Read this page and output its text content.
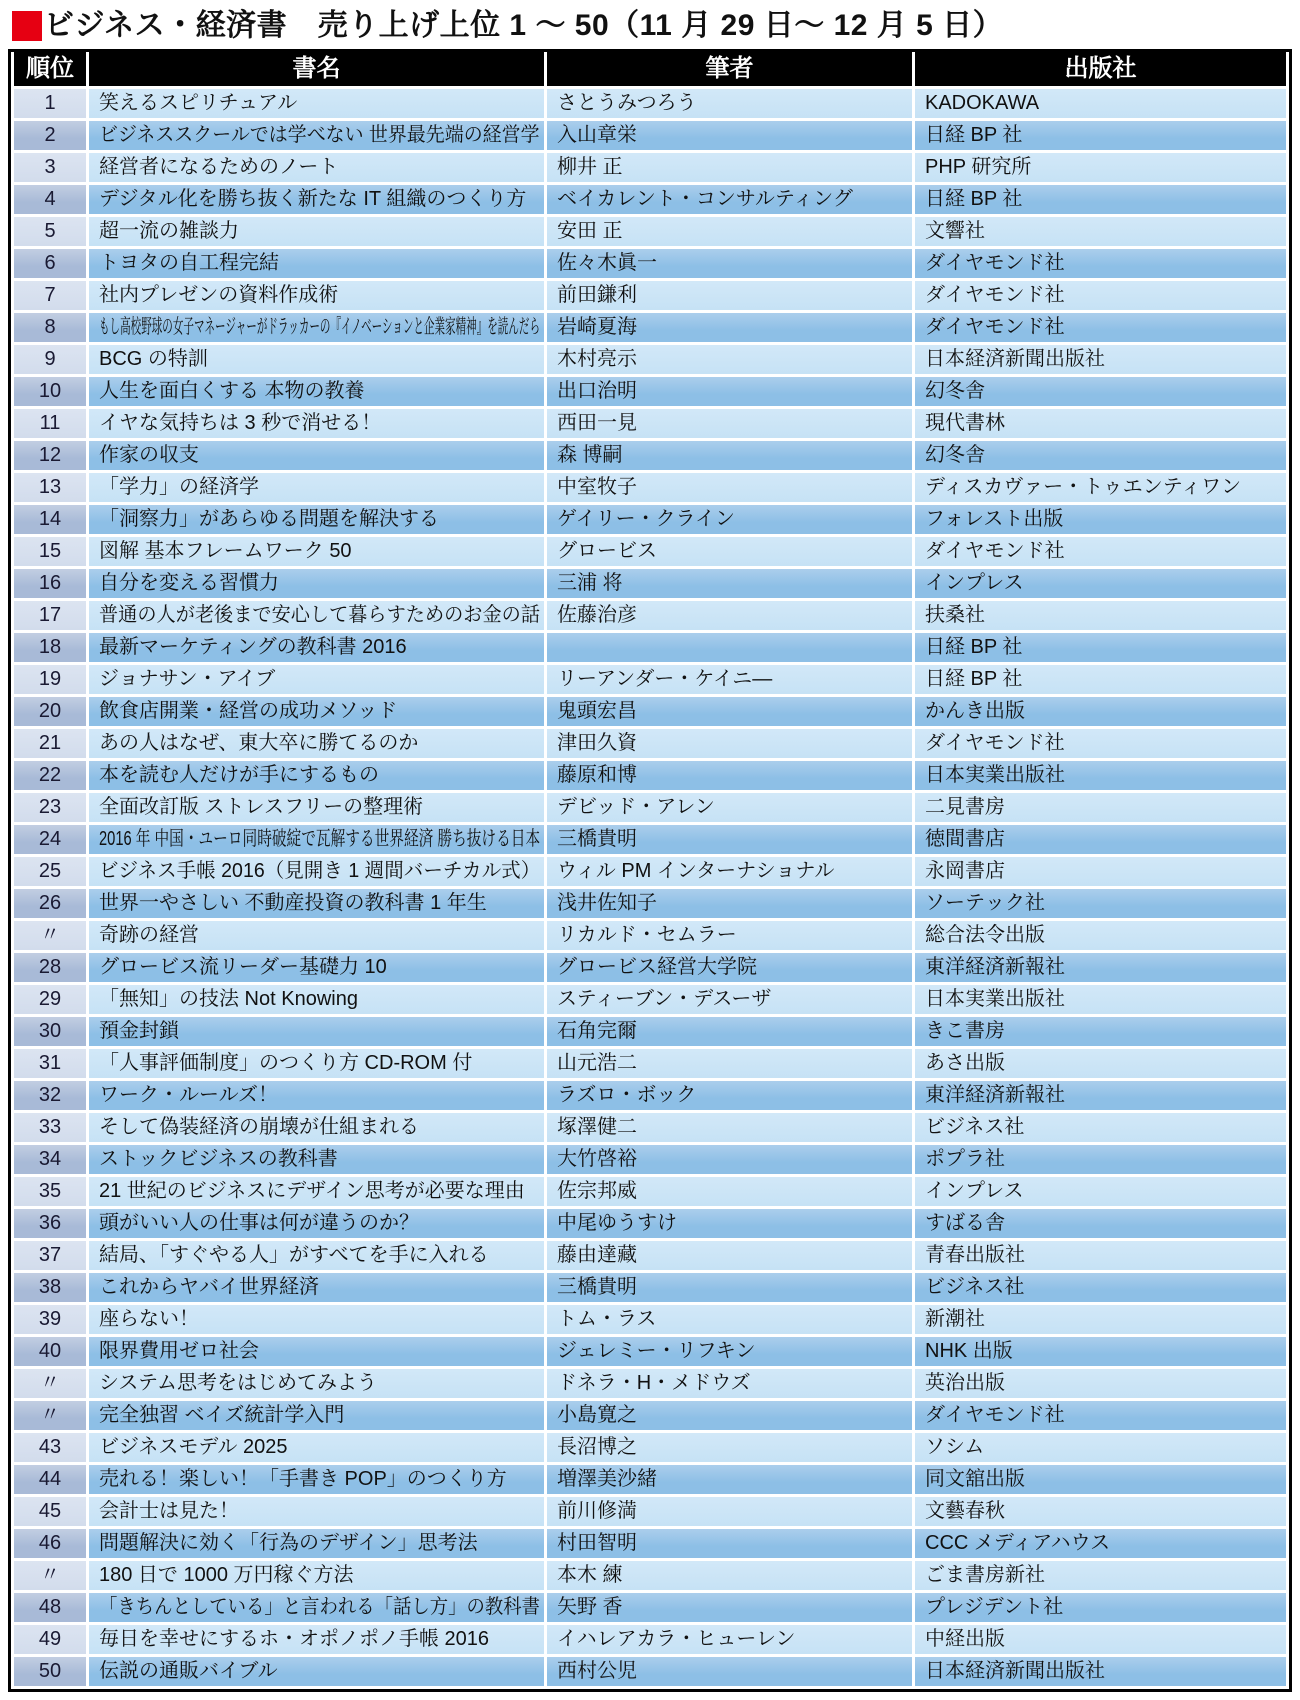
ビジネス・経済書　売り上げ上位 1 ～ 50（11 月 29 日～ 12 月 5 日）
順位	書名	筆者	出版社
1	笑えるスピリチュアル	さとうみつろう	KADOKAWA
2	ビジネススクールでは学べない 世界最先端の経営学	入山章栄	日経 BP 社
3	経営者になるためのノート	柳井 正	PHP 研究所
4	デジタル化を勝ち抜く新たな IT 組織のつくり方	ベイカレント・コンサルティング	日経 BP 社
5	超一流の雑談力	安田 正	文響社
6	トヨタの自工程完結	佐々木眞一	ダイヤモンド社
7	社内プレゼンの資料作成術	前田鎌利	ダイヤモンド社
8	もし高校野球の女子マネージャーがドラッカーの『イノベーションと企業家精神』を読んだら	岩崎夏海	ダイヤモンド社
9	BCG の特訓	木村亮示	日本経済新聞出版社
10	人生を面白くする 本物の教養	出口治明	幻冬舎
11	イヤな気持ちは 3 秒で消せる！	西田一見	現代書林
12	作家の収支	森 博嗣	幻冬舎
13	「学力」の経済学	中室牧子	ディスカヴァー・トゥエンティワン
14	「洞察力」があらゆる問題を解決する	ゲイリー・クライン	フォレスト出版
15	図解 基本フレームワーク 50	グロービス	ダイヤモンド社
16	自分を変える習慣力	三浦 将	インプレス
17	普通の人が老後まで安心して暮らすためのお金の話	佐藤治彦	扶桑社
18	最新マーケティングの教科書 2016		日経 BP 社
19	ジョナサン・アイブ	リーアンダー・ケイニ―	日経 BP 社
20	飲食店開業・経営の成功メソッド	鬼頭宏昌	かんき出版
21	あの人はなぜ、東大卒に勝てるのか	津田久資	ダイヤモンド社
22	本を読む人だけが手にするもの	藤原和博	日本実業出版社
23	全面改訂版 ストレスフリーの整理術	デビッド・アレン	二見書房
24	2016 年 中国・ユーロ同時破綻で瓦解する世界経済 勝ち抜ける日本	三橋貴明	徳間書店
25	ビジネス手帳 2016（見開き 1 週間バーチカル式）	ウィル PM インターナショナル	永岡書店
26	世界一やさしい 不動産投資の教科書 1 年生	浅井佐知子	ソーテック社
〃	奇跡の経営	リカルド・セムラー	総合法令出版
28	グロービス流リーダー基礎力 10	グロービス経営大学院	東洋経済新報社
29	「無知」の技法 Not Knowing	スティーブン・デスーザ	日本実業出版社
30	預金封鎖	石角完爾	きこ書房
31	「人事評価制度」のつくり方 CD-ROM 付	山元浩二	あさ出版
32	ワーク・ルールズ！	ラズロ・ボック	東洋経済新報社
33	そして偽装経済の崩壊が仕組まれる	塚澤健二	ビジネス社
34	ストックビジネスの教科書	大竹啓裕	ポプラ社
35	21 世紀のビジネスにデザイン思考が必要な理由	佐宗邦威	インプレス
36	頭がいい人の仕事は何が違うのか？	中尾ゆうすけ	すばる舎
37	結局、「すぐやる人」がすべてを手に入れる	藤由達藏	青春出版社
38	これからヤバイ世界経済	三橋貴明	ビジネス社
39	座らない！	トム・ラス	新潮社
40	限界費用ゼロ社会	ジェレミー・リフキン	NHK 出版
〃	システム思考をはじめてみよう	ドネラ・H・メドウズ	英治出版
〃	完全独習 ベイズ統計学入門	小島寛之	ダイヤモンド社
43	ビジネスモデル 2025	長沼博之	ソシム
44	売れる！楽しい！「手書き POP」のつくり方	増澤美沙緒	同文舘出版
45	会計士は見た！	前川修満	文藝春秋
46	問題解決に効く「行為のデザイン」思考法	村田智明	CCC メディアハウス
〃	180 日で 1000 万円稼ぐ方法	本木 練	ごま書房新社
48	「きちんとしている」と言われる「話し方」の教科書	矢野 香	プレジデント社
49	毎日を幸せにするホ・オポノポノ手帳 2016	イハレアカラ・ヒューレン	中経出版
50	伝説の通販バイブル	西村公児	日本経済新聞出版社
